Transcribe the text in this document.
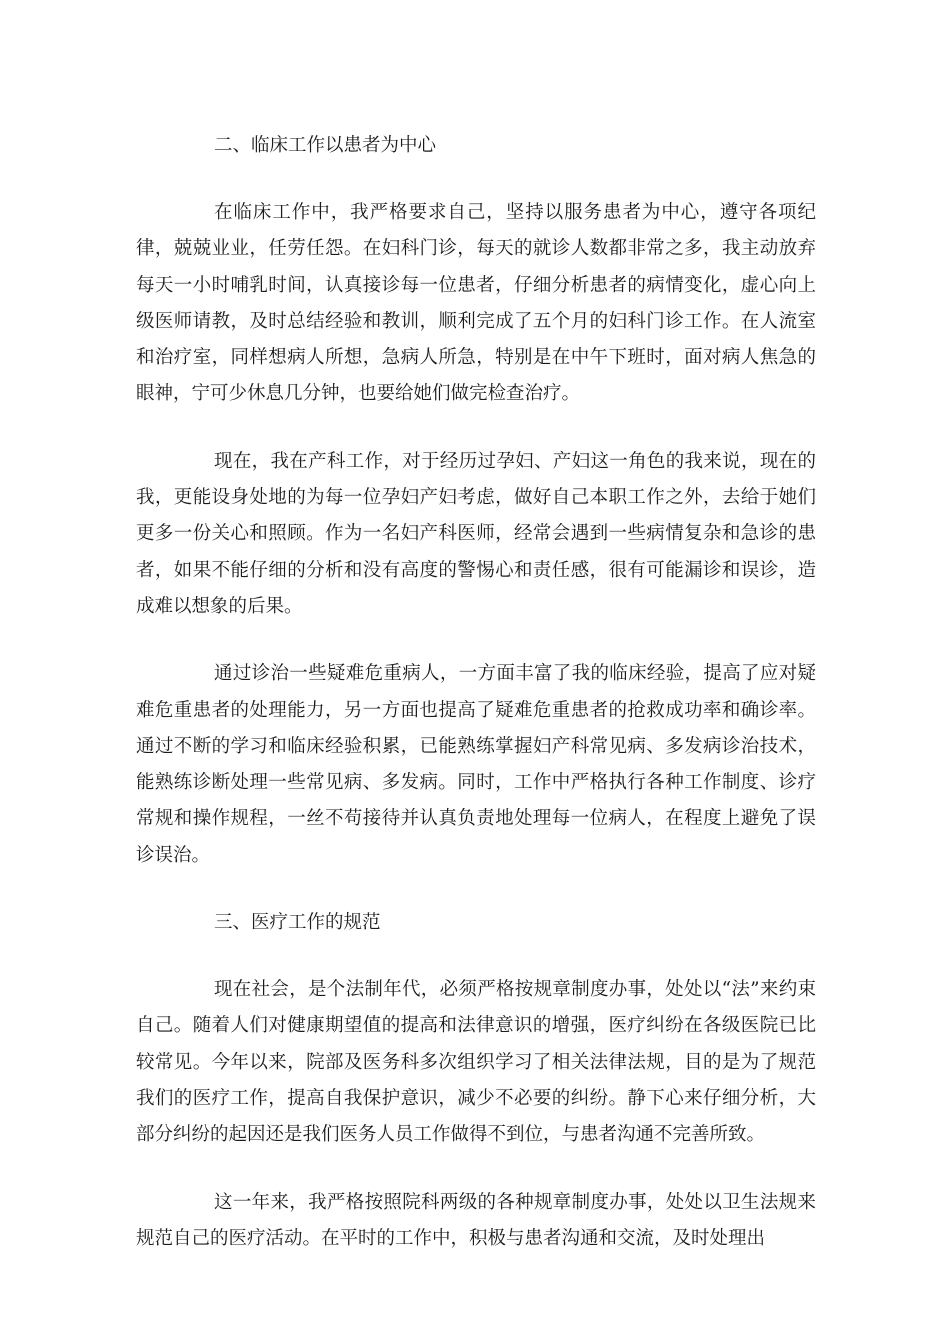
二、临床工作以患者为中心

在临床工作中，我严格要求自己，坚持以服务患者为中心，遵守各项纪律，兢兢业业，任劳任怨。在妇科门诊，每天的就诊人数都非常之多，我主动放弃每天一小时哺乳时间，认真接诊每一位患者，仔细分析患者的病情变化，虚心向上级医师请教，及时总结经验和教训，顺利完成了五个月的妇科门诊工作。在人流室和治疗室，同样想病人所想，急病人所急，特别是在中午下班时，面对病人焦急的眼神，宁可少休息几分钟，也要给她们做完检查治疗。

现在，我在产科工作，对于经历过孕妇、产妇这一角色的我来说，现在的我，更能设身处地的为每一位孕妇产妇考虑，做好自己本职工作之外，去给于她们更多一份关心和照顾。作为一名妇产科医师，经常会遇到一些病情复杂和急诊的患者，如果不能仔细的分析和没有高度的警惕心和责任感，很有可能漏诊和误诊，造成难以想象的后果。

通过诊治一些疑难危重病人，一方面丰富了我的临床经验，提高了应对疑难危重患者的处理能力，另一方面也提高了疑难危重患者的抢救成功率和确诊率。通过不断的学习和临床经验积累，已能熟练掌握妇产科常见病、多发病诊治技术，能熟练诊断处理一些常见病、多发病。同时，工作中严格执行各种工作制度、诊疗常规和操作规程，一丝不苟接待并认真负责地处理每一位病人，在程度上避免了误诊误治。

三、医疗工作的规范

现在社会，是个法制年代，必须严格按规章制度办事，处处以“法”来约束自己。随着人们对健康期望值的提高和法律意识的增强，医疗纠纷在各级医院已比较常见。今年以来，院部及医务科多次组织学习了相关法律法规，目的是为了规范我们的医疗工作，提高自我保护意识，减少不必要的纠纷。静下心来仔细分析，大部分纠纷的起因还是我们医务人员工作做得不到位，与患者沟通不完善所致。

这一年来，我严格按照院科两级的各种规章制度办事，处处以卫生法规来规范自己的医疗活动。在平时的工作中，积极与患者沟通和交流，及时处理出
